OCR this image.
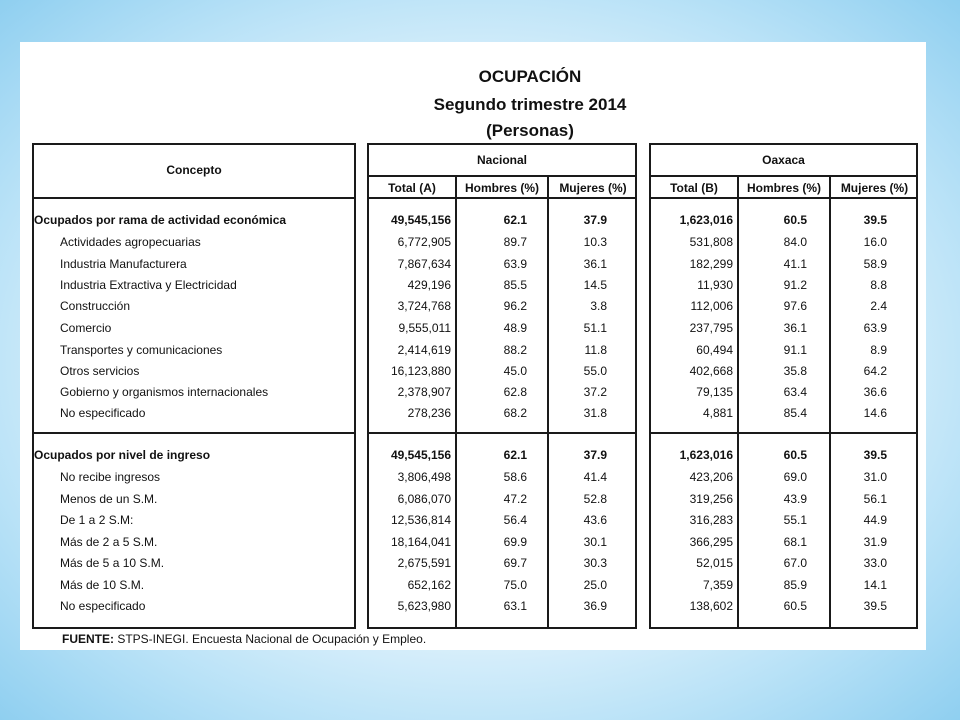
OCUPACIÓN
Segundo trimestre 2014
(Personas)
Concepto
Nacional	Oaxaca
Total (A)	Hombres (%)	Mujeres (%)	Total (B)	Hombres (%)	Mujeres (%)
Ocupados por rama de actividad económica	49,545,156	62.1	37.9	1,623,016	60.5	39.5
Actividades agropecuarias	6,772,905	89.7	10.3	531,808	84.0	16.0
Industria Manufacturera	7,867,634	63.9	36.1	182,299	41.1	58.9
Industria Extractiva y Electricidad	429,196	85.5	14.5	11,930	91.2	8.8
Construcción	3,724,768	96.2	3.8	112,006	97.6	2.4
Comercio	9,555,011	48.9	51.1	237,795	36.1	63.9
Transportes y comunicaciones	2,414,619	88.2	11.8	60,494	91.1	8.9
Otros servicios	16,123,880	45.0	55.0	402,668	35.8	64.2
Gobierno y organismos internacionales	2,378,907	62.8	37.2	79,135	63.4	36.6
No especificado	278,236	68.2	31.8	4,881	85.4	14.6
Ocupados por nivel de ingreso	49,545,156	62.1	37.9	1,623,016	60.5	39.5
No recibe ingresos	3,806,498	58.6	41.4	423,206	69.0	31.0
Menos de un S.M.	6,086,070	47.2	52.8	319,256	43.9	56.1
De 1 a 2 S.M:	12,536,814	56.4	43.6	316,283	55.1	44.9
Más de 2 a 5 S.M.	18,164,041	69.9	30.1	366,295	68.1	31.9
Más de 5 a 10 S.M.	2,675,591	69.7	30.3	52,015	67.0	33.0
Más de 10 S.M.	652,162	75.0	25.0	7,359	85.9	14.1
No especificado	5,623,980	63.1	36.9	138,602	60.5	39.5
FUENTE: STPS-INEGI. Encuesta Nacional de Ocupación y Empleo.
